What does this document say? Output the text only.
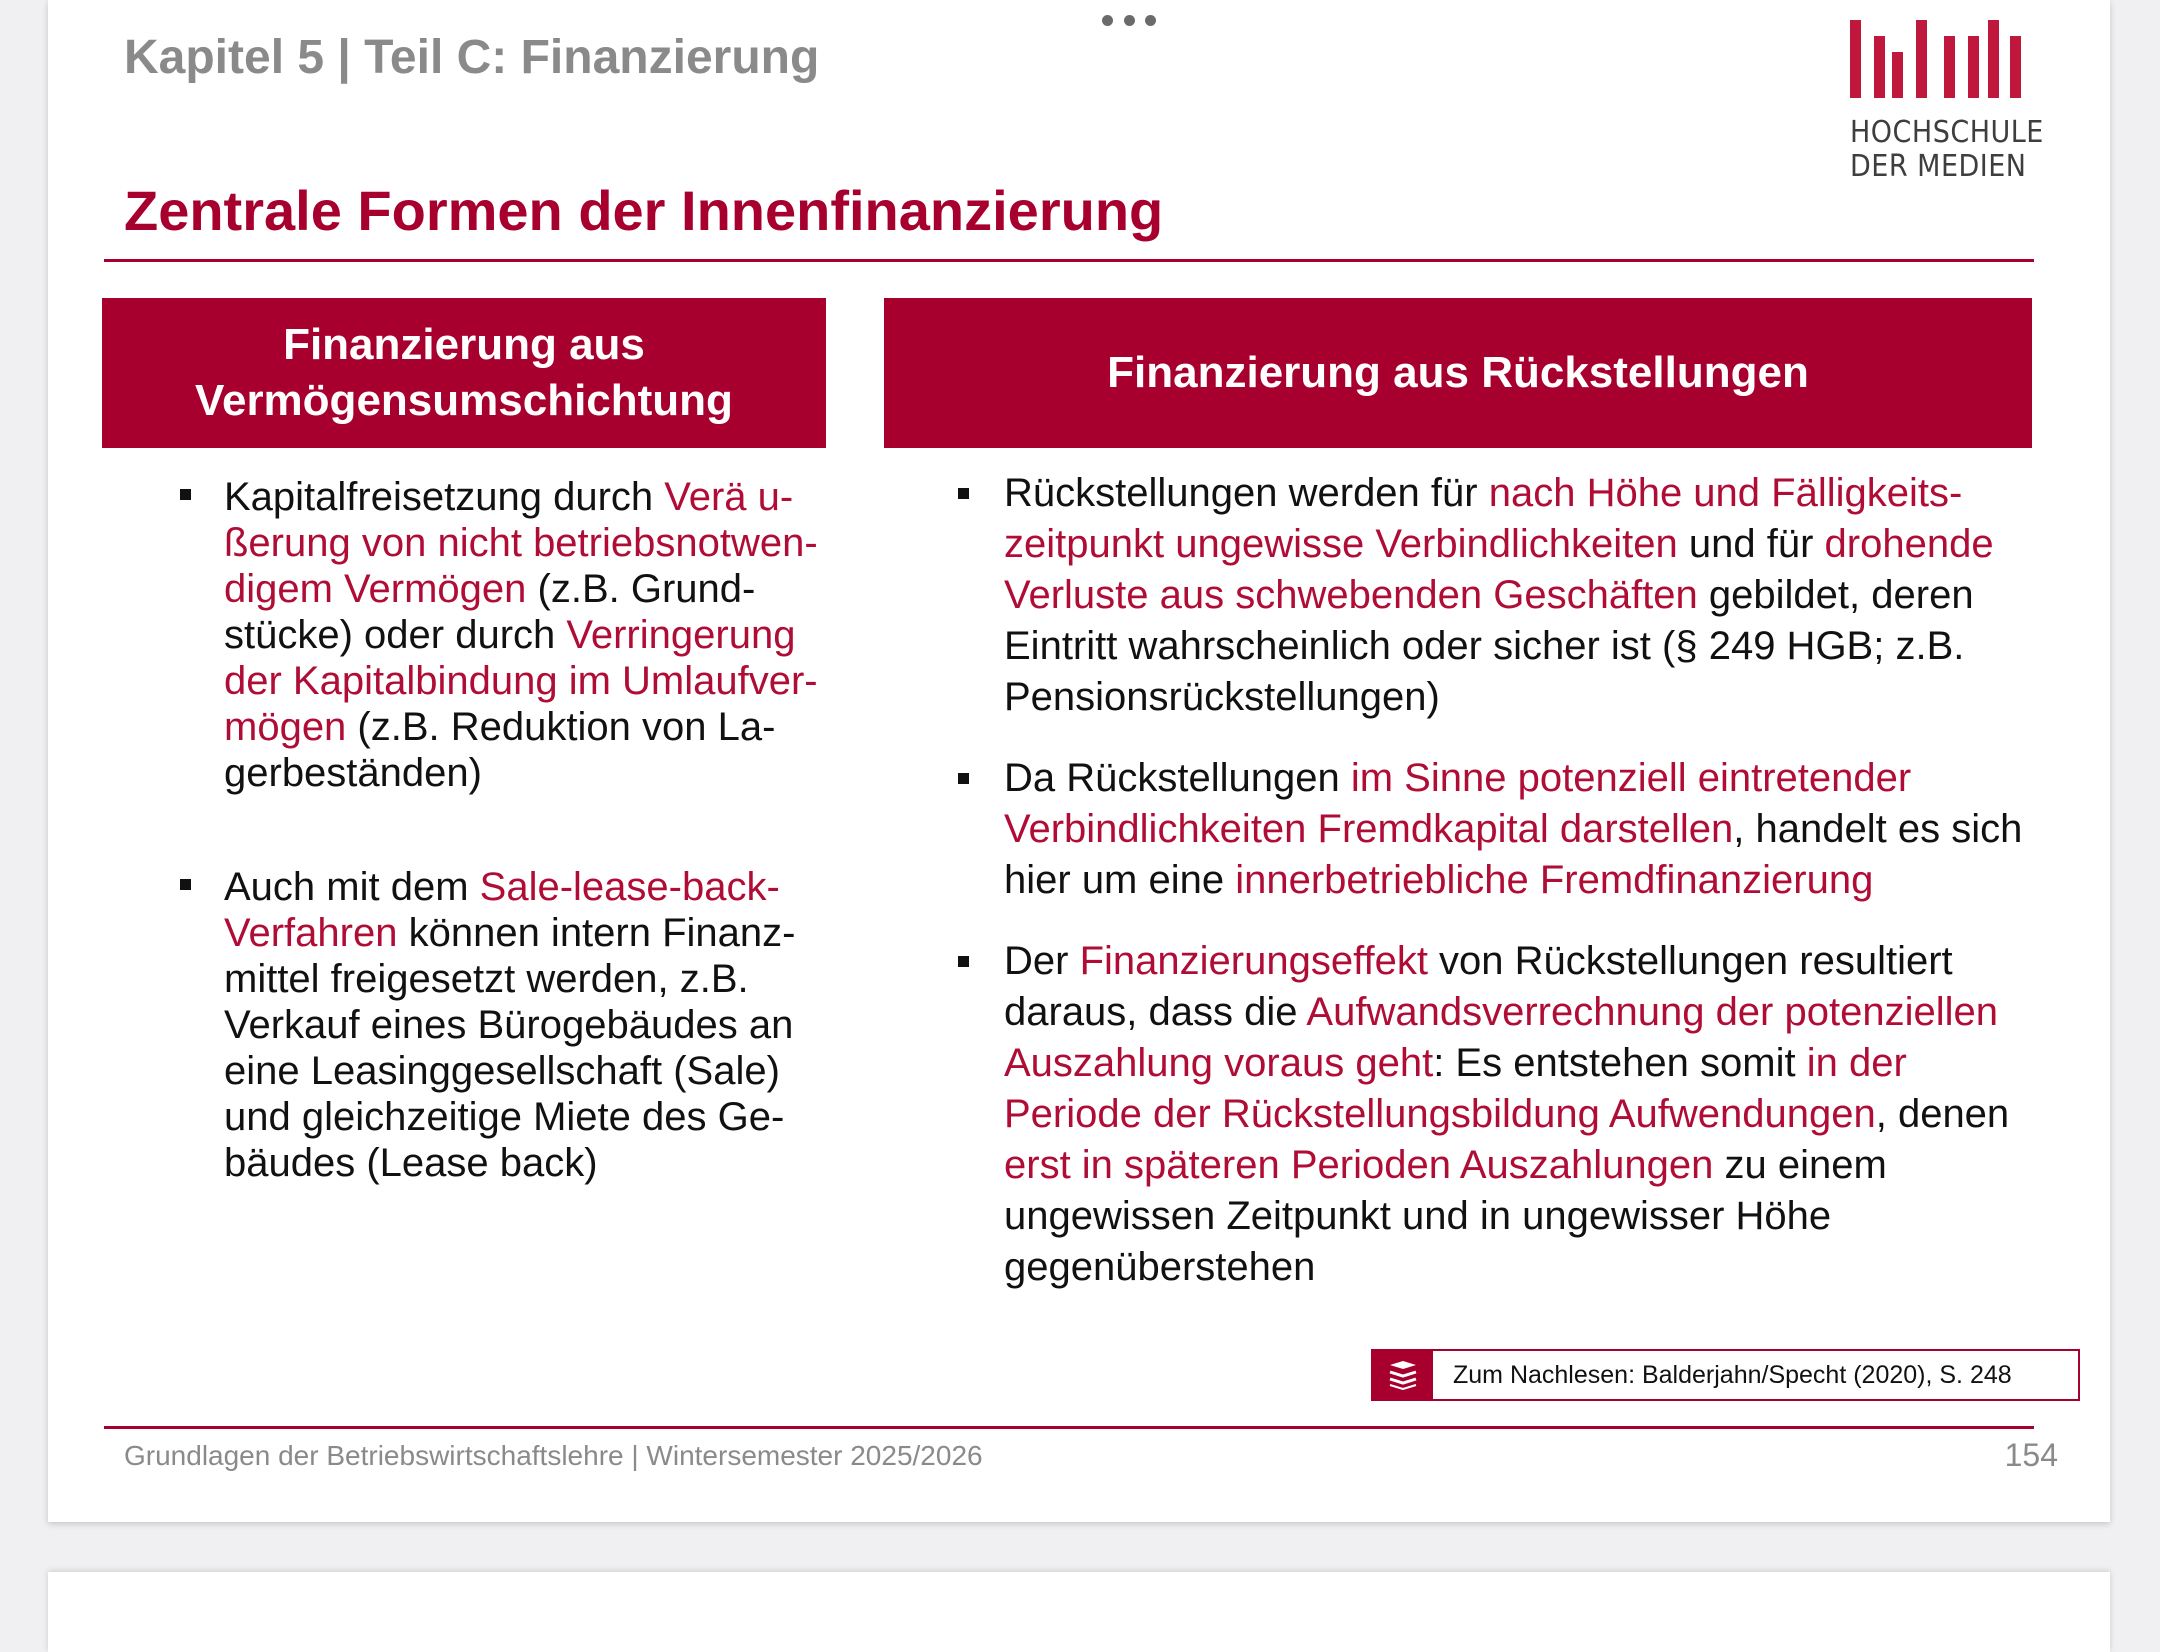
Kapitel 5 | Teil C: Finanzierung
HOCHSCHULE
DER MEDIEN
Zentrale Formen der Innenfinanzierung
Finanzierung aus
Vermögensumschichtung
Finanzierung aus Rückstellungen
Kapitalfreisetzung durch Verä u-ßerung von nicht betriebsnotwen-digem Vermögen (z.B. Grund-stücke) oder durch Verringerung der Kapitalbindung im Umlaufver-mögen (z.B. Reduktion von La-gerbeständen)
Auch mit dem Sale-lease-back-Verfahren können intern Finanz-mittel freigesetzt werden, z.B. Verkauf eines Bürogebäudes an eine Leasinggesellschaft (Sale) und gleichzeitige Miete des Ge-bäudes (Lease back)
Rückstellungen werden für nach Höhe und Fälligkeits-zeitpunkt ungewisse Verbindlichkeiten und für drohende Verluste aus schwebenden Geschäften gebildet, deren Eintritt wahrscheinlich oder sicher ist (§ 249 HGB; z.B. Pensionsrückstellungen)
Da Rückstellungen im Sinne potenziell eintretender Verbindlichkeiten Fremdkapital darstellen, handelt es sich hier um eine innerbetriebliche Fremdfinanzierung
Der Finanzierungseffekt von Rückstellungen resultiert daraus, dass die Aufwandsverrechnung der potenziellen Auszahlung voraus geht: Es entstehen somit in der Periode der Rückstellungsbildung Aufwendungen, denen erst in späteren Perioden Auszahlungen zu einem ungewissen Zeitpunkt und in ungewisser Höhe gegenüberstehen
Zum Nachlesen: Balderjahn/Specht (2020), S. 248
Grundlagen der Betriebswirtschaftslehre | Wintersemester 2025/2026	154
